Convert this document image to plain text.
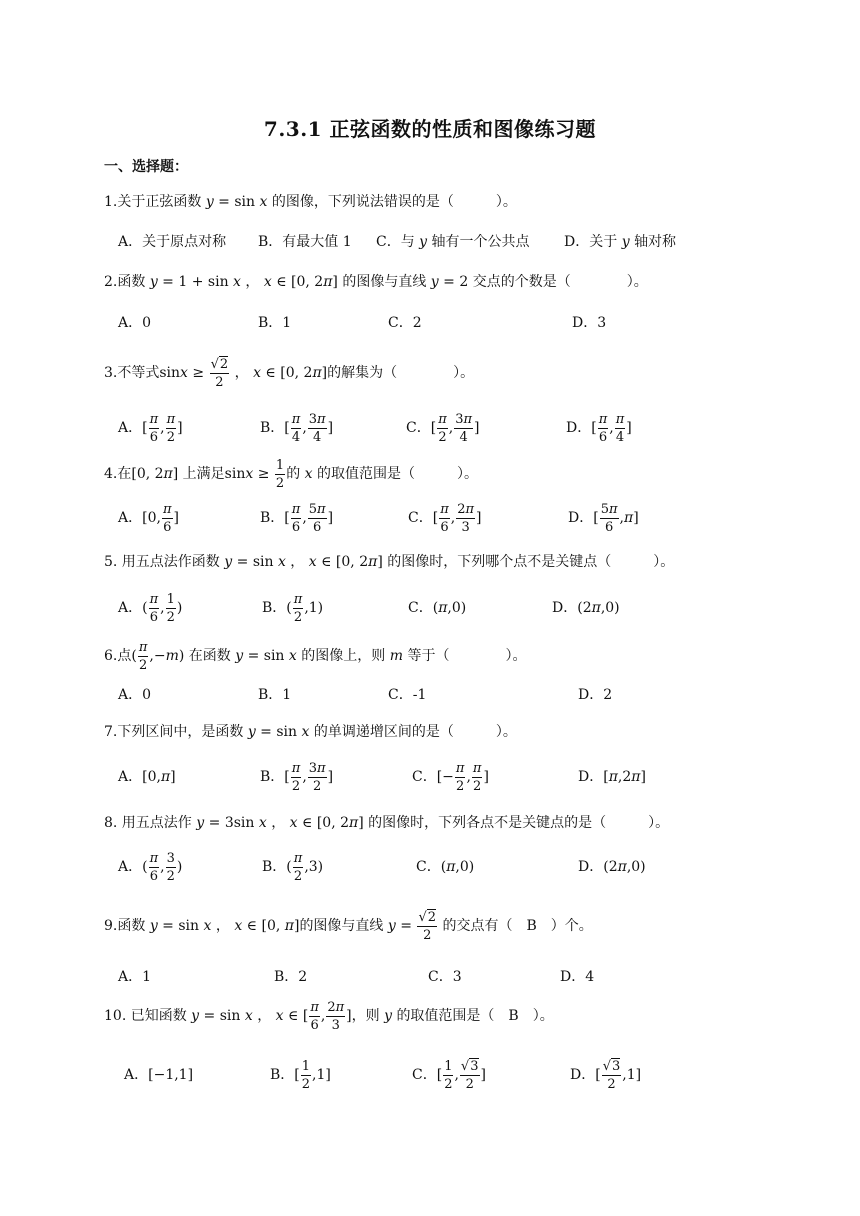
7.3.1 正弦函数的性质和图像练习题
一、选择题：
1.关于正弦函数 y = sin x 的图像，下列说法错误的是（　　　）。
A．关于原点对称 B．有最大值 1 C．与
y
轴有一个公共点 D．关于
y
轴对称
2.函数 y = 1 + sin x ， x ∈ [0, 2π] 的图像与直线 y = 2 交点的个数是（　　　　）。
A．0	B．1	C．2	D．3
3.不等式 $\sin x \ge \frac{√2}{2}$ ， x ∈ [0, 2 π ] 的解集为（　　　　）。
A． [ $\frac{\pi}{6}$ , $\frac{\pi}{2}$ ]	B． [ $\frac{\pi}{4}$ , $\frac{3\pi}{4}$ ]	C． [ $\frac{\pi}{2}$ , $\frac{3\pi}{4}$ ]	D． [ $\frac{\pi}{6}$ , $\frac{\pi}{4}$ ]
4.在 [0, 2 π ] 上满足 $\sin x \ge \frac{1}{2}$ 的
x
的取值范围是（　　　）。
A． [0, $\frac{\pi}{6}$ ]	B． [ $\frac{\pi}{6}$ , $\frac{5\pi}{6}$ ]	C． [ $\frac{\pi}{6}$ , $\frac{2\pi}{3}$ ]	D． [ $\frac{5\pi}{6}$ , π ]
5. 用五点法作函数 y = sin x ， x ∈ [0, 2π] 的图像时，下列哪个点不是关键点（　　　）。
A． ( $\frac{\pi}{6}$ , $\frac{1}{2}$ )	B． ( $\frac{\pi}{2} ,1$)	C． ( π ,0)	D． (2 π ,0)
6.点 ( $\frac{\pi}{2}$ ,− m ) 在函数
y = sin x
的图像上，则
m
等于（　　　　）。
A．0	B．1	C．-1	D．2
7.下列区间中，是函数 y = sin x 的单调递增区间的是（　　　）。
A． [0, π ]	B． [ $\frac{\pi}{2}$ , $\frac{3\pi}{2}$ ]	C． [− $\frac{\pi}{2}$ , $\frac{\pi}{2}$ ]	D． [ π ,2 π ]
8. 用五点法作 y = 3sin x ， x ∈ [0, 2π] 的图像时，下列各点不是关键点的是（　　　）。
A． ( $\frac{\pi}{6}$ , $\frac{3}{2}$ )	B． ( $\frac{\pi}{2} ,3$)	C． ( π ,0)	D． (2 π ,0)
9.函数
y = sin x ， x ∈ [0, π ] 的图像与直线
$y = \frac{√2}{2}$
的交点有（　B　）个。
A．1	B．2	C．3	D．4
10. 已知函数
y = sin x ， x ∈ [ $\frac{\pi}{6}$ , $\frac{2\pi}{3}$ ] ，则
y
的取值范围是（　B　）。
A． [−1,1]	B． [ $\frac{1}{2} ,1$]	C． [ $\frac{1}{2}$ , $\frac{√3}{2}$ ]	D． [ $\frac{√3}{2} ,1$]
